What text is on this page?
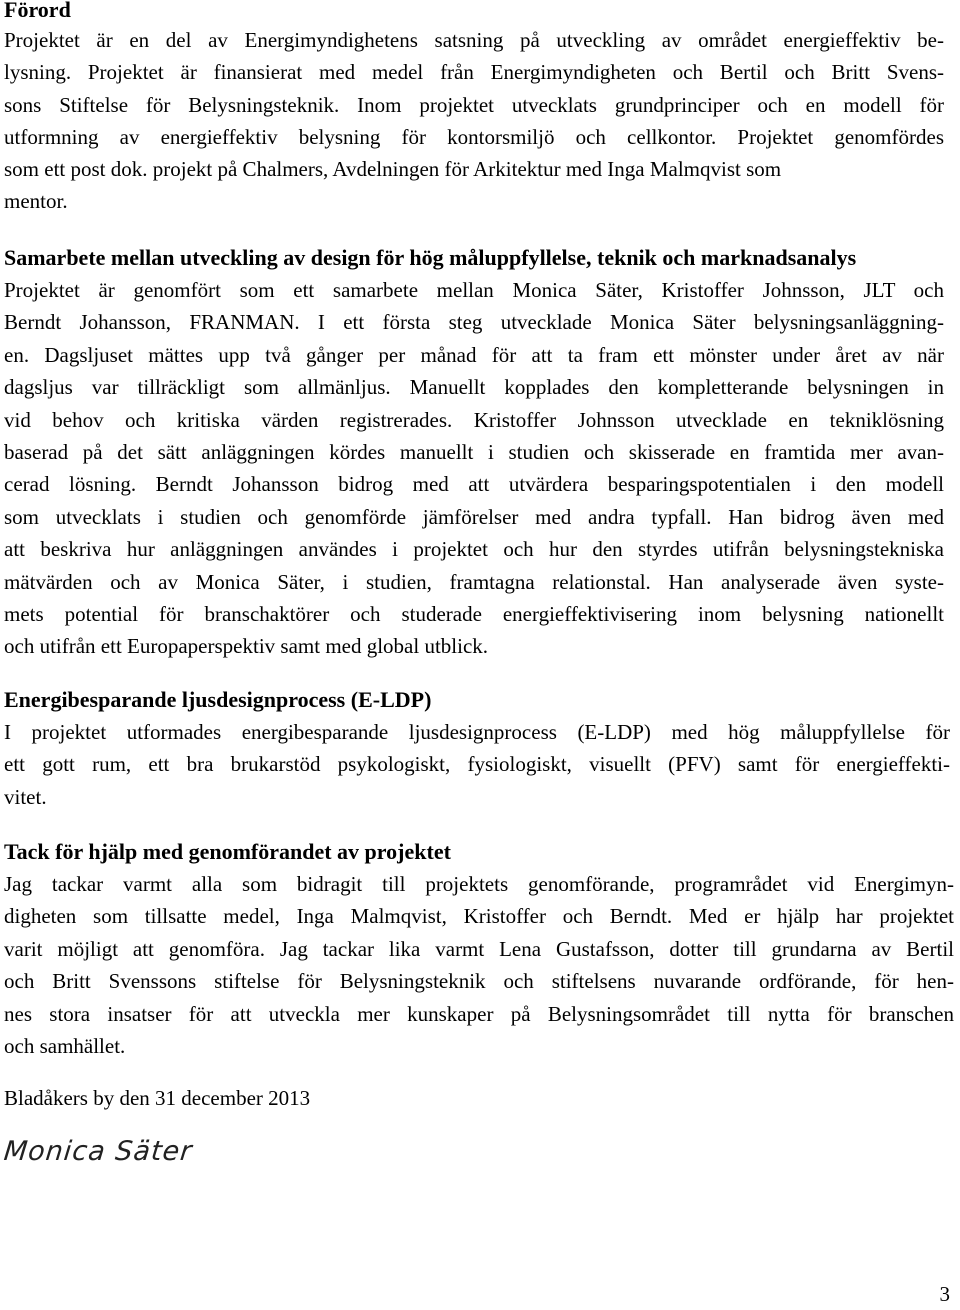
Förord
Projektet är en del av Energimyndighetens satsning på utveckling av området energieffektiv be-
lysning. Projektet är finansierat med medel från Energimyndigheten och Bertil och Britt Svens-
sons Stiftelse för Belysningsteknik. Inom projektet utvecklats grundprinciper och en modell för
utformning av energieffektiv belysning för kontorsmiljö och cellkontor. Projektet genomfördes
som ett post dok. projekt på Chalmers, Avdelningen för Arkitektur med Inga Malmqvist som
mentor.
Samarbete mellan utveckling av design för hög måluppfyllelse, teknik och marknadsanalys
Projektet är genomfört som ett samarbete mellan Monica Säter, Kristoffer Johnsson, JLT och
Berndt Johansson, FRANMAN. I ett första steg utvecklade Monica Säter belysningsanläggning-
en. Dagsljuset mättes upp två gånger per månad för att ta fram ett mönster under året av när
dagsljus var tillräckligt som allmänljus. Manuellt kopplades den kompletterande belysningen in
vid behov och kritiska värden registrerades. Kristoffer Johnsson utvecklade en tekniklösning
baserad på det sätt anläggningen kördes manuellt i studien och skisserade en framtida mer avan-
cerad lösning. Berndt Johansson bidrog med att utvärdera besparingspotentialen i den modell
som utvecklats i studien och genomförde jämförelser med andra typfall. Han bidrog även med
att beskriva hur anläggningen användes i projektet och hur den styrdes utifrån belysningstekniska
mätvärden och av Monica Säter, i studien, framtagna relationstal. Han analyserade även syste-
mets potential för branschaktörer och studerade energieffektivisering inom belysning nationellt
och utifrån ett Europaperspektiv samt med global utblick.
Energibesparande ljusdesignprocess (E-LDP)
I projektet utformades energibesparande ljusdesignprocess (E-LDP) med hög måluppfyllelse för
ett gott rum, ett bra brukarstöd psykologiskt, fysiologiskt, visuellt (PFV) samt för energieffekti-
vitet.
Tack för hjälp med genomförandet av projektet
Jag tackar varmt alla som bidragit till projektets genomförande, programrådet vid Energimyn-
digheten som tillsatte medel, Inga Malmqvist, Kristoffer och Berndt. Med er hjälp har projektet
varit möjligt att genomföra. Jag tackar lika varmt Lena Gustafsson, dotter till grundarna av Bertil
och Britt Svenssons stiftelse för Belysningsteknik och stiftelsens nuvarande ordförande, för hen-
nes stora insatser för att utveckla mer kunskaper på Belysningsområdet till nytta för branschen
och samhället.

Bladåkers by den 31 december 2013

Monica Säter
3
